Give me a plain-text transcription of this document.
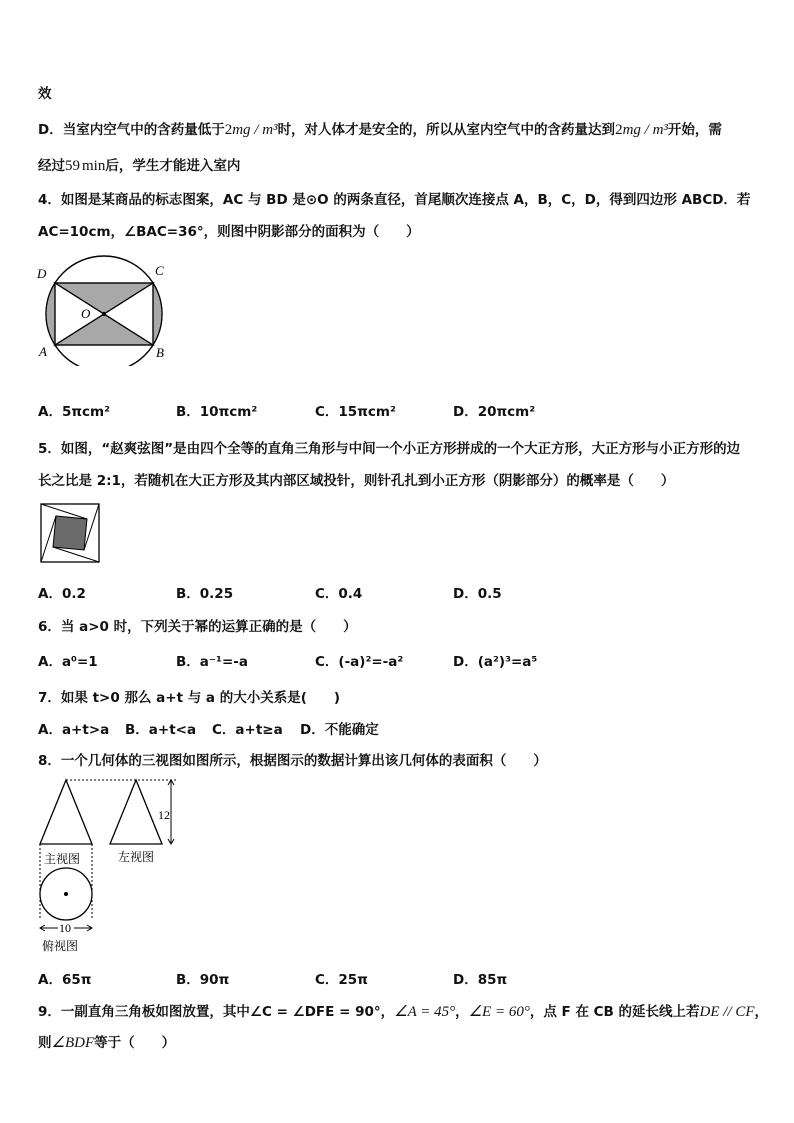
效
D．当室内空气中的含药量低于2mg / m³时，对人体才是安全的，所以从室内空气中的含药量达到2mg / m³开始，需
经过59 min后，学生才能进入室内
4．如图是某商品的标志图案，AC 与 BD 是⊙O 的两条直径，首尾顺次连接点 A，B，C，D，得到四边形 ABCD．若
AC=10cm，∠BAC=36°，则图中阴影部分的面积为（　　）
D	C
O
A	B
A．5πcm²	B．10πcm²	C．15πcm²	D．20πcm²
5．如图，“赵爽弦图”是由四个全等的直角三角形与中间一个小正方形拼成的一个大正方形，大正方形与小正方形的边
长之比是 2:1，若随机在大正方形及其内部区域投针，则针孔扎到小正方形（阴影部分）的概率是（　　）
A．0.2	B．0.25	C．0.4	D．0.5
6．当 a>0 时，下列关于幂的运算正确的是（　　）
A．a⁰=1	B．a⁻¹=-a	C．(-a)²=-a²	D．(a²)³=a⁵
7．如果 t>0 那么 a+t 与 a 的大小关系是(　　)
A．a+t>a B．a+t<a C．a+t≥a D．不能确定
8．一个几何体的三视图如图所示，根据图示的数据计算出该几何体的表面积（　　）
12
主视图	左视图
10
俯视图
A．65π	B．90π	C．25π	D．85π
9．一副直角三角板如图放置，其中∠C = ∠DFE = 90°，∠A = 45°，∠E = 60°，点 F 在 CB 的延长线上若DE // CF，
则∠BDF等于（　　）
